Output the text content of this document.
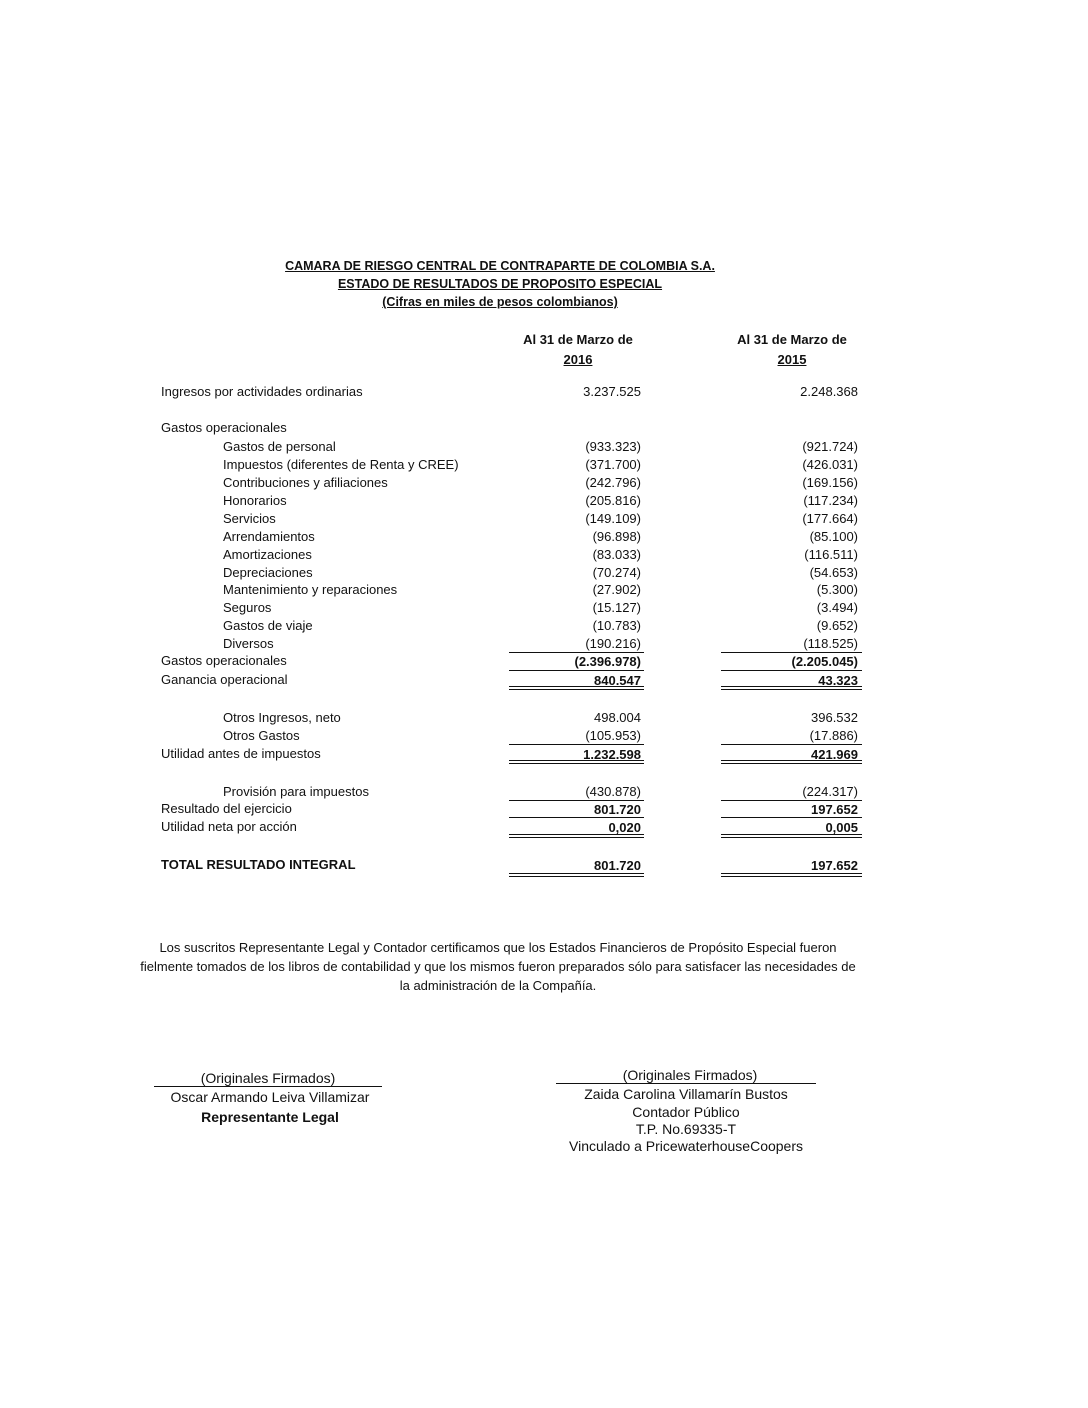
CAMARA DE RIESGO CENTRAL DE CONTRAPARTE DE COLOMBIA S.A.
ESTADO DE RESULTADOS DE PROPOSITO ESPECIAL
(Cifras en miles de pesos colombianos)
Al 31 de Marzo de
2016
Al 31 de Marzo de
2015
Ingresos por actividades ordinarias	3.237.525	2.248.368
Gastos operacionales
Gastos de personal	(933.323)	(921.724)
Impuestos (diferentes de Renta y CREE)	(371.700)	(426.031)
Contribuciones y afiliaciones	(242.796)	(169.156)
Honorarios	(205.816)	(117.234)
Servicios	(149.109)	(177.664)
Arrendamientos	(96.898)	(85.100)
Amortizaciones	(83.033)	(116.511)
Depreciaciones	(70.274)	(54.653)
Mantenimiento y reparaciones	(27.902)	(5.300)
Seguros	(15.127)	(3.494)
Gastos de viaje	(10.783)	(9.652)
Diversos	(190.216)	(118.525)
Gastos operacionales	(2.396.978)	(2.205.045)
Ganancia operacional	840.547	43.323
Otros Ingresos, neto	498.004	396.532
Otros Gastos	(105.953)	(17.886)
Utilidad antes de impuestos	1.232.598	421.969
Provisión para impuestos	(430.878)	(224.317)
Resultado del ejercicio	801.720	197.652
Utilidad neta por acción	0,020	0,005
TOTAL RESULTADO INTEGRAL	801.720	197.652
Los suscritos Representante Legal y Contador certificamos que los Estados Financieros de Propósito Especial fueron fielmente tomados de los libros de contabilidad y que los mismos fueron preparados sólo para satisfacer las necesidades de la administración de la Compañía.
(Originales Firmados)
Oscar Armando Leiva Villamizar
Representante Legal
(Originales Firmados)
Zaida Carolina Villamarín Bustos
Contador Público
T.P. No.69335-T
Vinculado a PricewaterhouseCoopers
